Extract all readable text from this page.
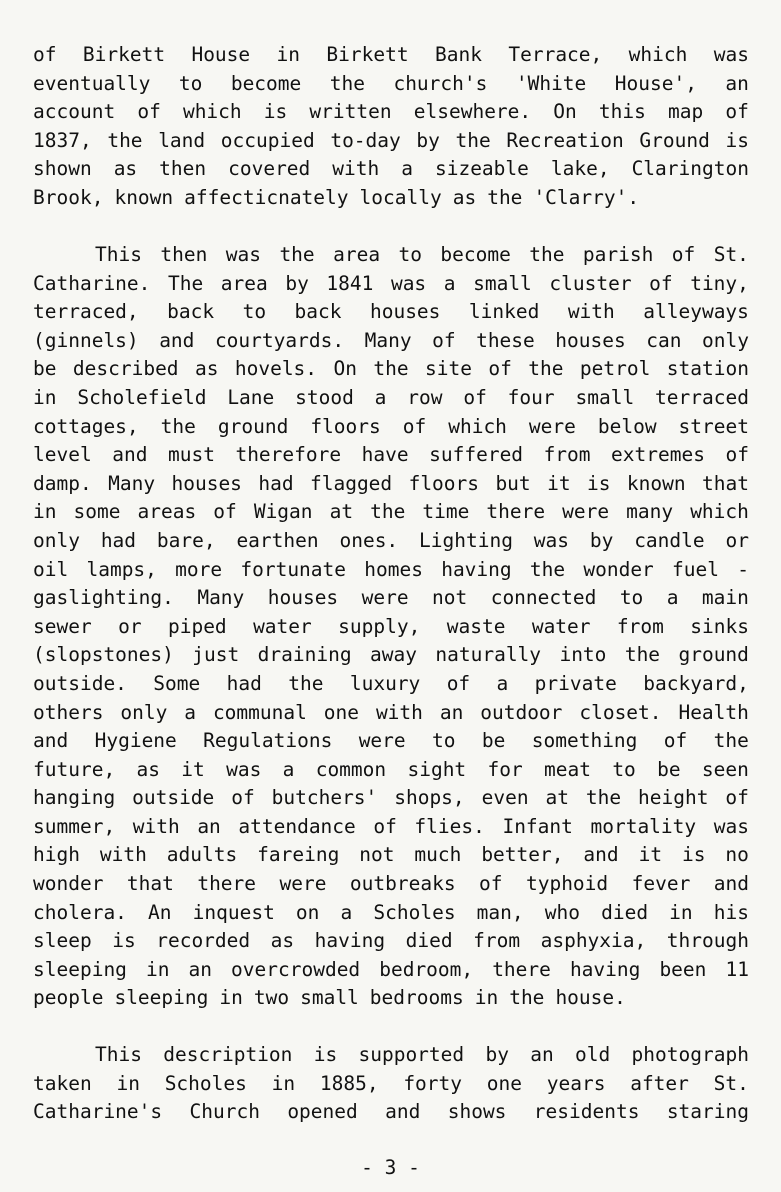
of Birkett House in Birkett Bank Terrace, which was
eventually to become the church's 'White House', an
account of which is written elsewhere. On this map of
1837, the land occupied to-day by the Recreation Ground is
shown as then covered with a sizeable lake, Clarington
Brook, known affecticnately locally as the 'Clarry'.
This then was the area to become the parish of St.
Catharine. The area by 1841 was a small cluster of tiny,
terraced, back to back houses linked with alleyways
(ginnels) and courtyards. Many of these houses can only
be described as hovels. On the site of the petrol station
in Scholefield Lane stood a row of four small terraced
cottages, the ground floors of which were below street
level and must therefore have suffered from extremes of
damp. Many houses had flagged floors but it is known that
in some areas of Wigan at the time there were many which
only had bare, earthen ones. Lighting was by candle or
oil lamps, more fortunate homes having the wonder fuel -
gaslighting. Many houses were not connected to a main
sewer or piped water supply, waste water from sinks
(slopstones) just draining away naturally into the ground
outside. Some had the luxury of a private backyard,
others only a communal one with an outdoor closet. Health
and Hygiene Regulations were to be something of the
future, as it was a common sight for meat to be seen
hanging outside of butchers' shops, even at the height of
summer, with an attendance of flies. Infant mortality was
high with adults fareing not much better, and it is no
wonder that there were outbreaks of typhoid fever and
cholera. An inquest on a Scholes man, who died in his
sleep is recorded as having died from asphyxia, through
sleeping in an overcrowded bedroom, there having been 11
people sleeping in two small bedrooms in the house.
This description is supported by an old photograph
taken in Scholes in 1885, forty one years after St.
Catharine's Church opened and shows residents staring
- 3 -
